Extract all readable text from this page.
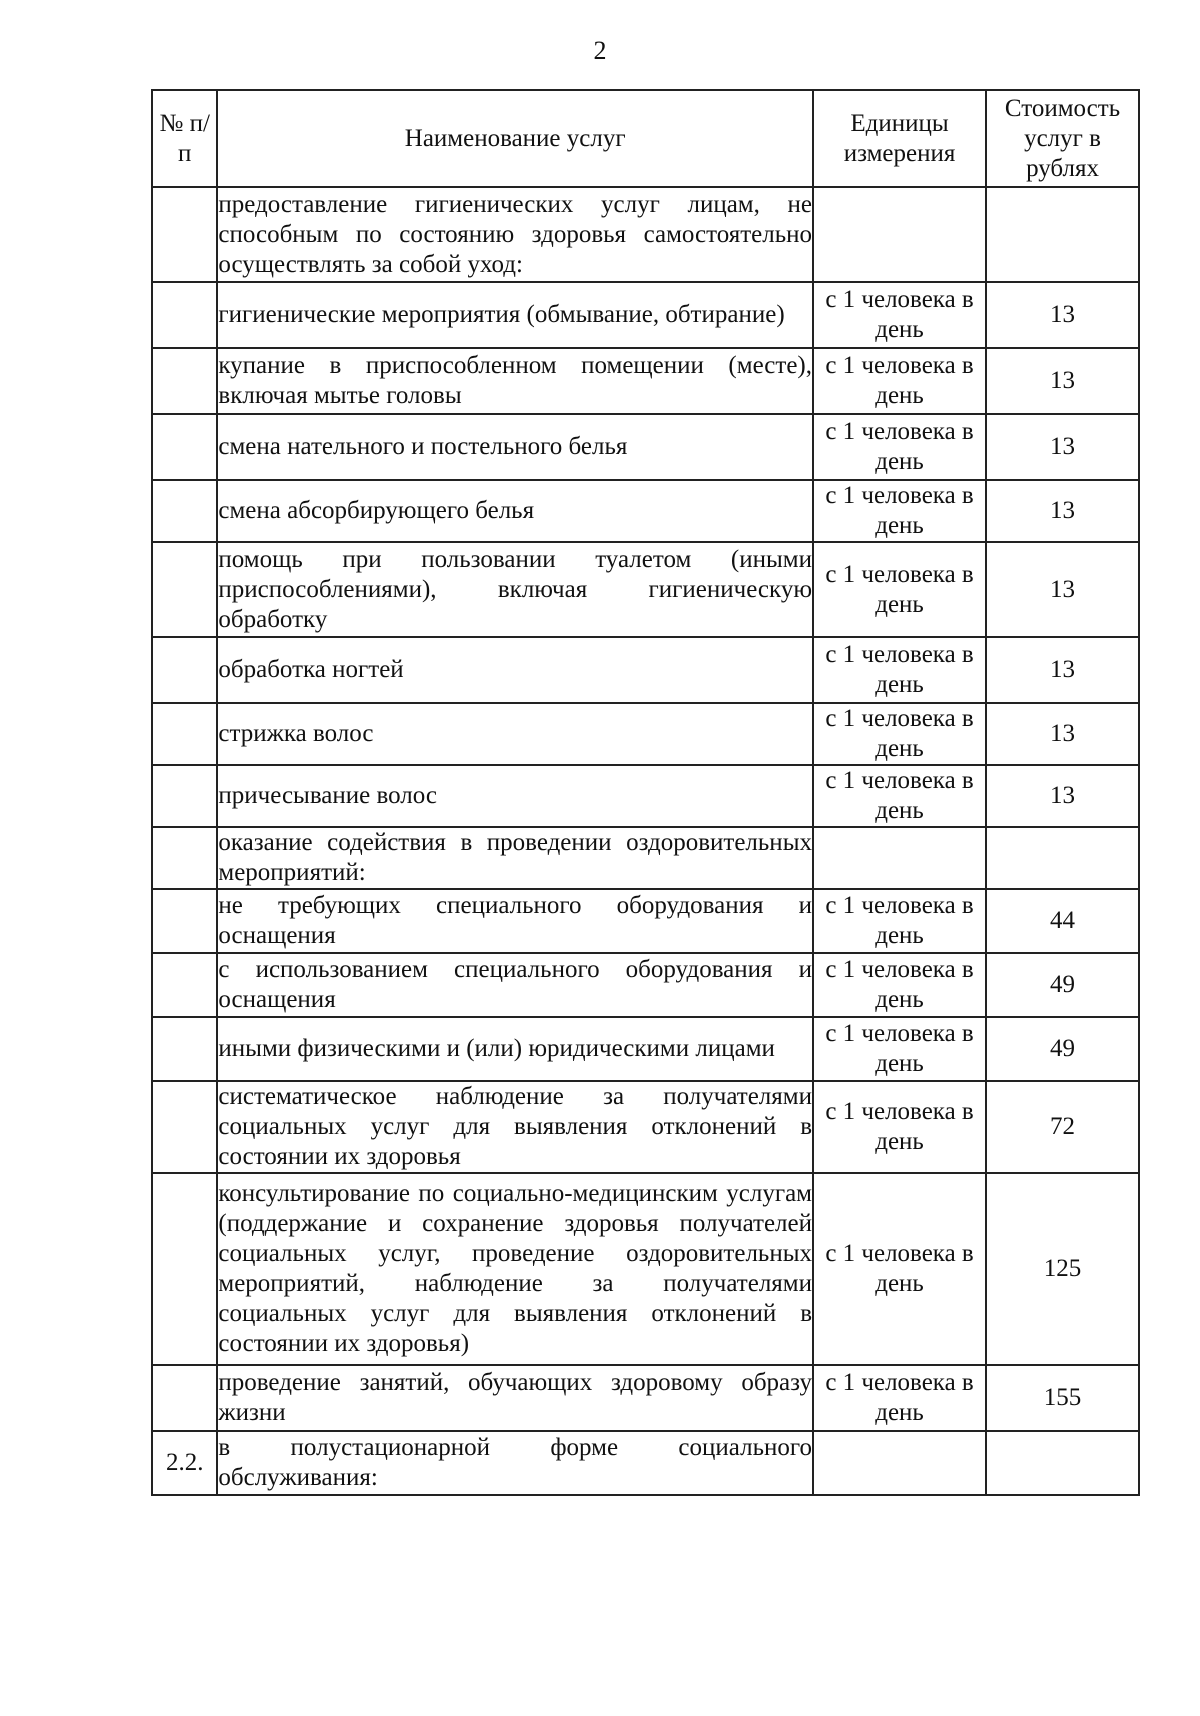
2
№ п/п	Наименование услуг	Единицы измерения	Стоимость услуг в рублях
	предоставление гигиенических услуг лицам, не способным по состоянию здоровья самостоятельно осуществлять за собой уход:		
	гигиенические мероприятия (обмывание, обтирание)	с 1 человека в день	13
	купание в приспособленном помещении (месте), включая мытье головы	с 1 человека в день	13
	смена нательного и постельного белья	с 1 человека в день	13
	смена абсорбирующего белья	с 1 человека в день	13
	помощь при пользовании туалетом (иными приспособлениями), включая гигиеническую обработку	с 1 человека в день	13
	обработка ногтей	с 1 человека в день	13
	стрижка волос	с 1 человека в день	13
	причесывание волос	с 1 человека в день	13
	оказание содействия в проведении оздоровительных мероприятий:		
	не требующих специального оборудования и оснащения	с 1 человека в день	44
	с использованием специального оборудования и оснащения	с 1 человека в день	49
	иными физическими и (или) юридическими лицами	с 1 человека в день	49
	систематическое наблюдение за получателями социальных услуг для выявления отклонений в состоянии их здоровья	с 1 человека в день	72
	консультирование по социально-медицинским услугам (поддержание и сохранение здоровья получателей социальных услуг, проведение оздоровительных мероприятий, наблюдение за получателями социальных услуг для выявления отклонений в состоянии их здоровья)	с 1 человека в день	125
	проведение занятий, обучающих здоровому образу жизни	с 1 человека в день	155
2.2.	в полустационарной форме социального обслуживания:		
